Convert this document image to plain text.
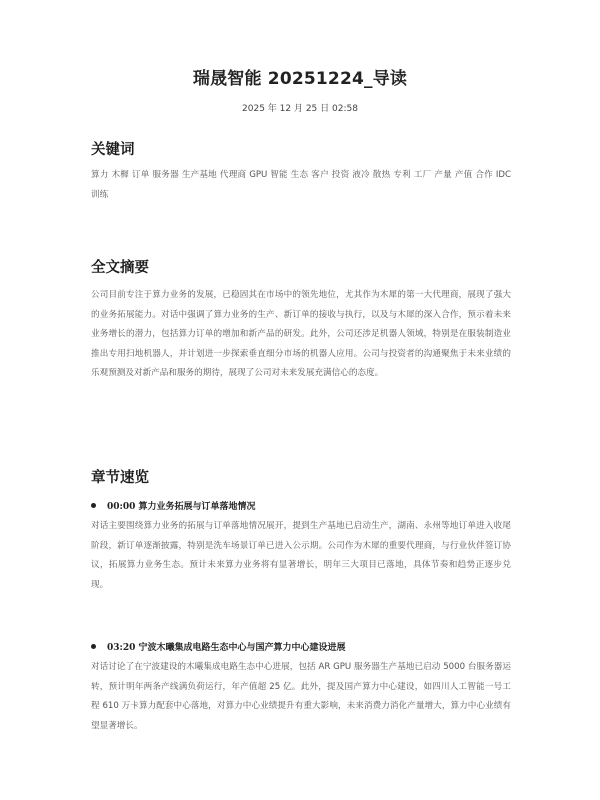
瑞晟智能 20251224_导读
2025 年 12 月 25 日 02:58
关键词
算力 木樨 订单 服务器 生产基地 代理商 GPU 智能 生态 客户 投资 液冷 散热 专利 工厂 产量 产值 合作 IDC 训练
全文摘要
公司目前专注于算力业务的发展，已稳固其在市场中的领先地位，尤其作为木犀的第一大代理商，展现了强大的业务拓展能力。对话中强调了算力业务的生产、新订单的接收与执行，以及与木犀的深入合作，预示着未来业务增长的潜力，包括算力订单的增加和新产品的研发。此外，公司还涉足机器人领域，特别是在服装制造业推出专用扫地机器人，并计划进一步探索垂直细分市场的机器人应用。公司与投资者的沟通聚焦于未来业绩的乐观预测及对新产品和服务的期待，展现了公司对未来发展充满信心的态度。
章节速览
00:00 算力业务拓展与订单落地情况
对话主要围绕算力业务的拓展与订单落地情况展开，提到生产基地已启动生产，湖南、永州等地订单进入收尾阶段，新订单逐渐披露，特别是洗车场景订单已进入公示期。公司作为木犀的重要代理商，与行业伙伴签订协议，拓展算力业务生态。预计未来算力业务将有显著增长，明年三大项目已落地，具体节奏和趋势正逐步兑现。
03:20 宁波木曦集成电路生态中心与国产算力中心建设进展
对话讨论了在宁波建设的木曦集成电路生态中心进展，包括 AR GPU 服务器生产基地已启动 5000 台服务器运转，预计明年两条产线满负荷运行，年产值超 25 亿。此外，提及国产算力中心建设，如四川人工智能一号工程 610 万卡算力配套中心落地，对算力中心业绩提升有重大影响，未来消费力消化产量增大，算力中心业绩有望显著增长。
